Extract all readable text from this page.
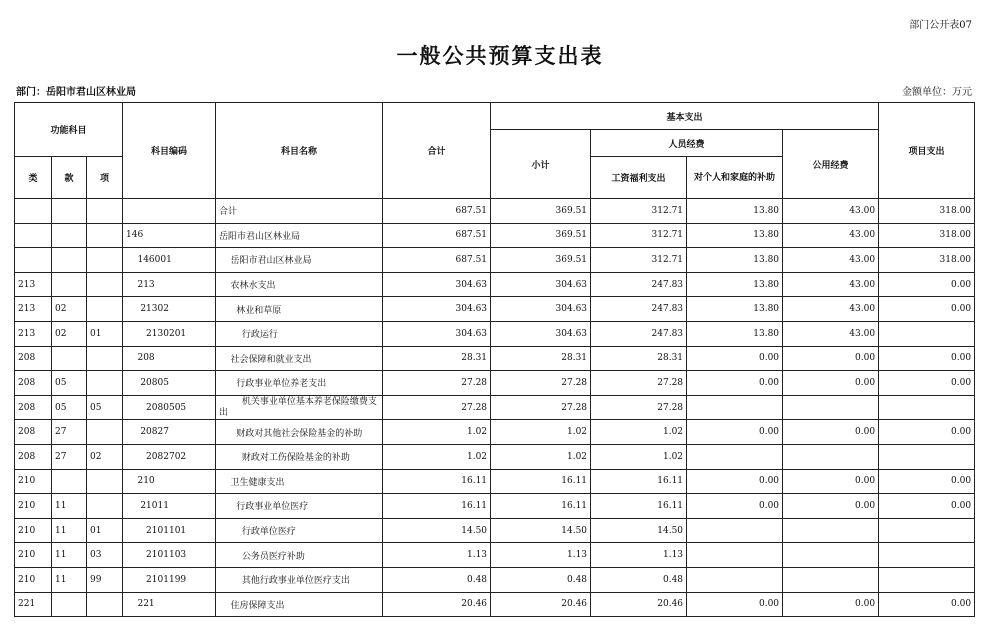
部门公开表07
一般公共预算支出表
部门：岳阳市君山区林业局	金额单位：万元
功能科目			科目编码	科目名称	合计	基本支出				项目支出
						小计	人员经费		公用经费	
类	款	项					工资福利支出	对个人和家庭的补助		

				合计	687.51	369.51	312.71	13.80	43.00	318.00
			146	岳阳市君山区林业局	687.51	369.51	312.71	13.80	43.00	318.00
			146001	岳阳市君山区林业局	687.51	369.51	312.71	13.80	43.00	318.00
213			213	农林水支出	304.63	304.63	247.83	13.80	43.00	0.00
213	02		21302	林业和草原	304.63	304.63	247.83	13.80	43.00	0.00
213	02	01	2130201	行政运行	304.63	304.63	247.83	13.80	43.00	
208			208	社会保障和就业支出	28.31	28.31	28.31	0.00	0.00	0.00
208	05		20805	行政事业单位养老支出	27.28	27.28	27.28	0.00	0.00	0.00
208	05	05	2080505	机关事业单位基本养老保险缴费支出	27.28	27.28	27.28			
208	27		20827	财政对其他社会保险基金的补助	1.02	1.02	1.02	0.00	0.00	0.00
208	27	02	2082702	财政对工伤保险基金的补助	1.02	1.02	1.02			
210			210	卫生健康支出	16.11	16.11	16.11	0.00	0.00	0.00
210	11		21011	行政事业单位医疗	16.11	16.11	16.11	0.00	0.00	0.00
210	11	01	2101101	行政单位医疗	14.50	14.50	14.50			
210	11	03	2101103	公务员医疗补助	1.13	1.13	1.13			
210	11	99	2101199	其他行政事业单位医疗支出	0.48	0.48	0.48			
221			221	住房保障支出	20.46	20.46	20.46	0.00	0.00	0.00
